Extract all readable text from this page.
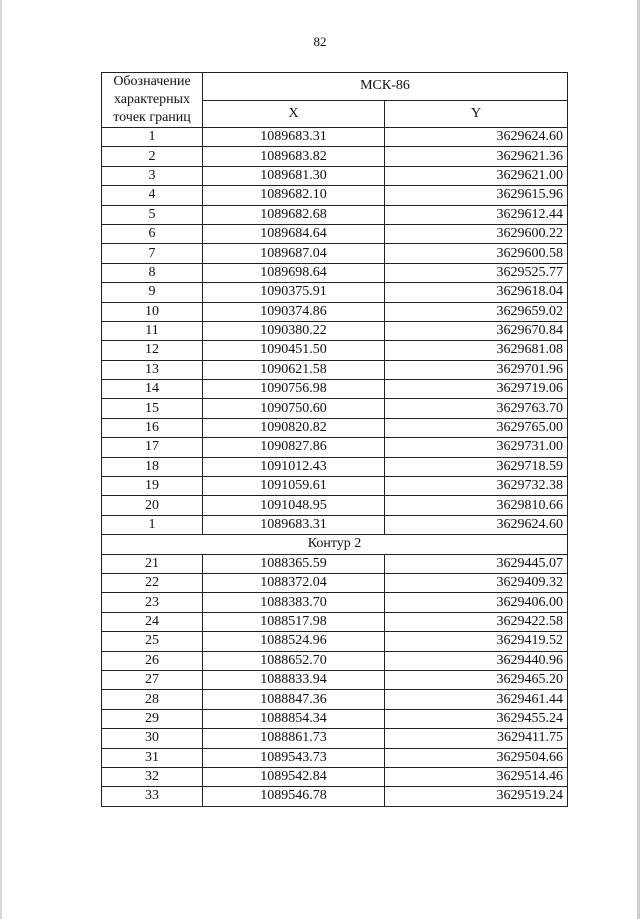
82
Обозначение характерных точек границ	МСК-86	
	X	Y
1	1089683.31	3629624.60
2	1089683.82	3629621.36
3	1089681.30	3629621.00
4	1089682.10	3629615.96
5	1089682.68	3629612.44
6	1089684.64	3629600.22
7	1089687.04	3629600.58
8	1089698.64	3629525.77
9	1090375.91	3629618.04
10	1090374.86	3629659.02
11	1090380.22	3629670.84
12	1090451.50	3629681.08
13	1090621.58	3629701.96
14	1090756.98	3629719.06
15	1090750.60	3629763.70
16	1090820.82	3629765.00
17	1090827.86	3629731.00
18	1091012.43	3629718.59
19	1091059.61	3629732.38
20	1091048.95	3629810.66
1	1089683.31	3629624.60
Контур 2		
21	1088365.59	3629445.07
22	1088372.04	3629409.32
23	1088383.70	3629406.00
24	1088517.98	3629422.58
25	1088524.96	3629419.52
26	1088652.70	3629440.96
27	1088833.94	3629465.20
28	1088847.36	3629461.44
29	1088854.34	3629455.24
30	1088861.73	3629411.75
31	1089543.73	3629504.66
32	1089542.84	3629514.46
33	1089546.78	3629519.24
